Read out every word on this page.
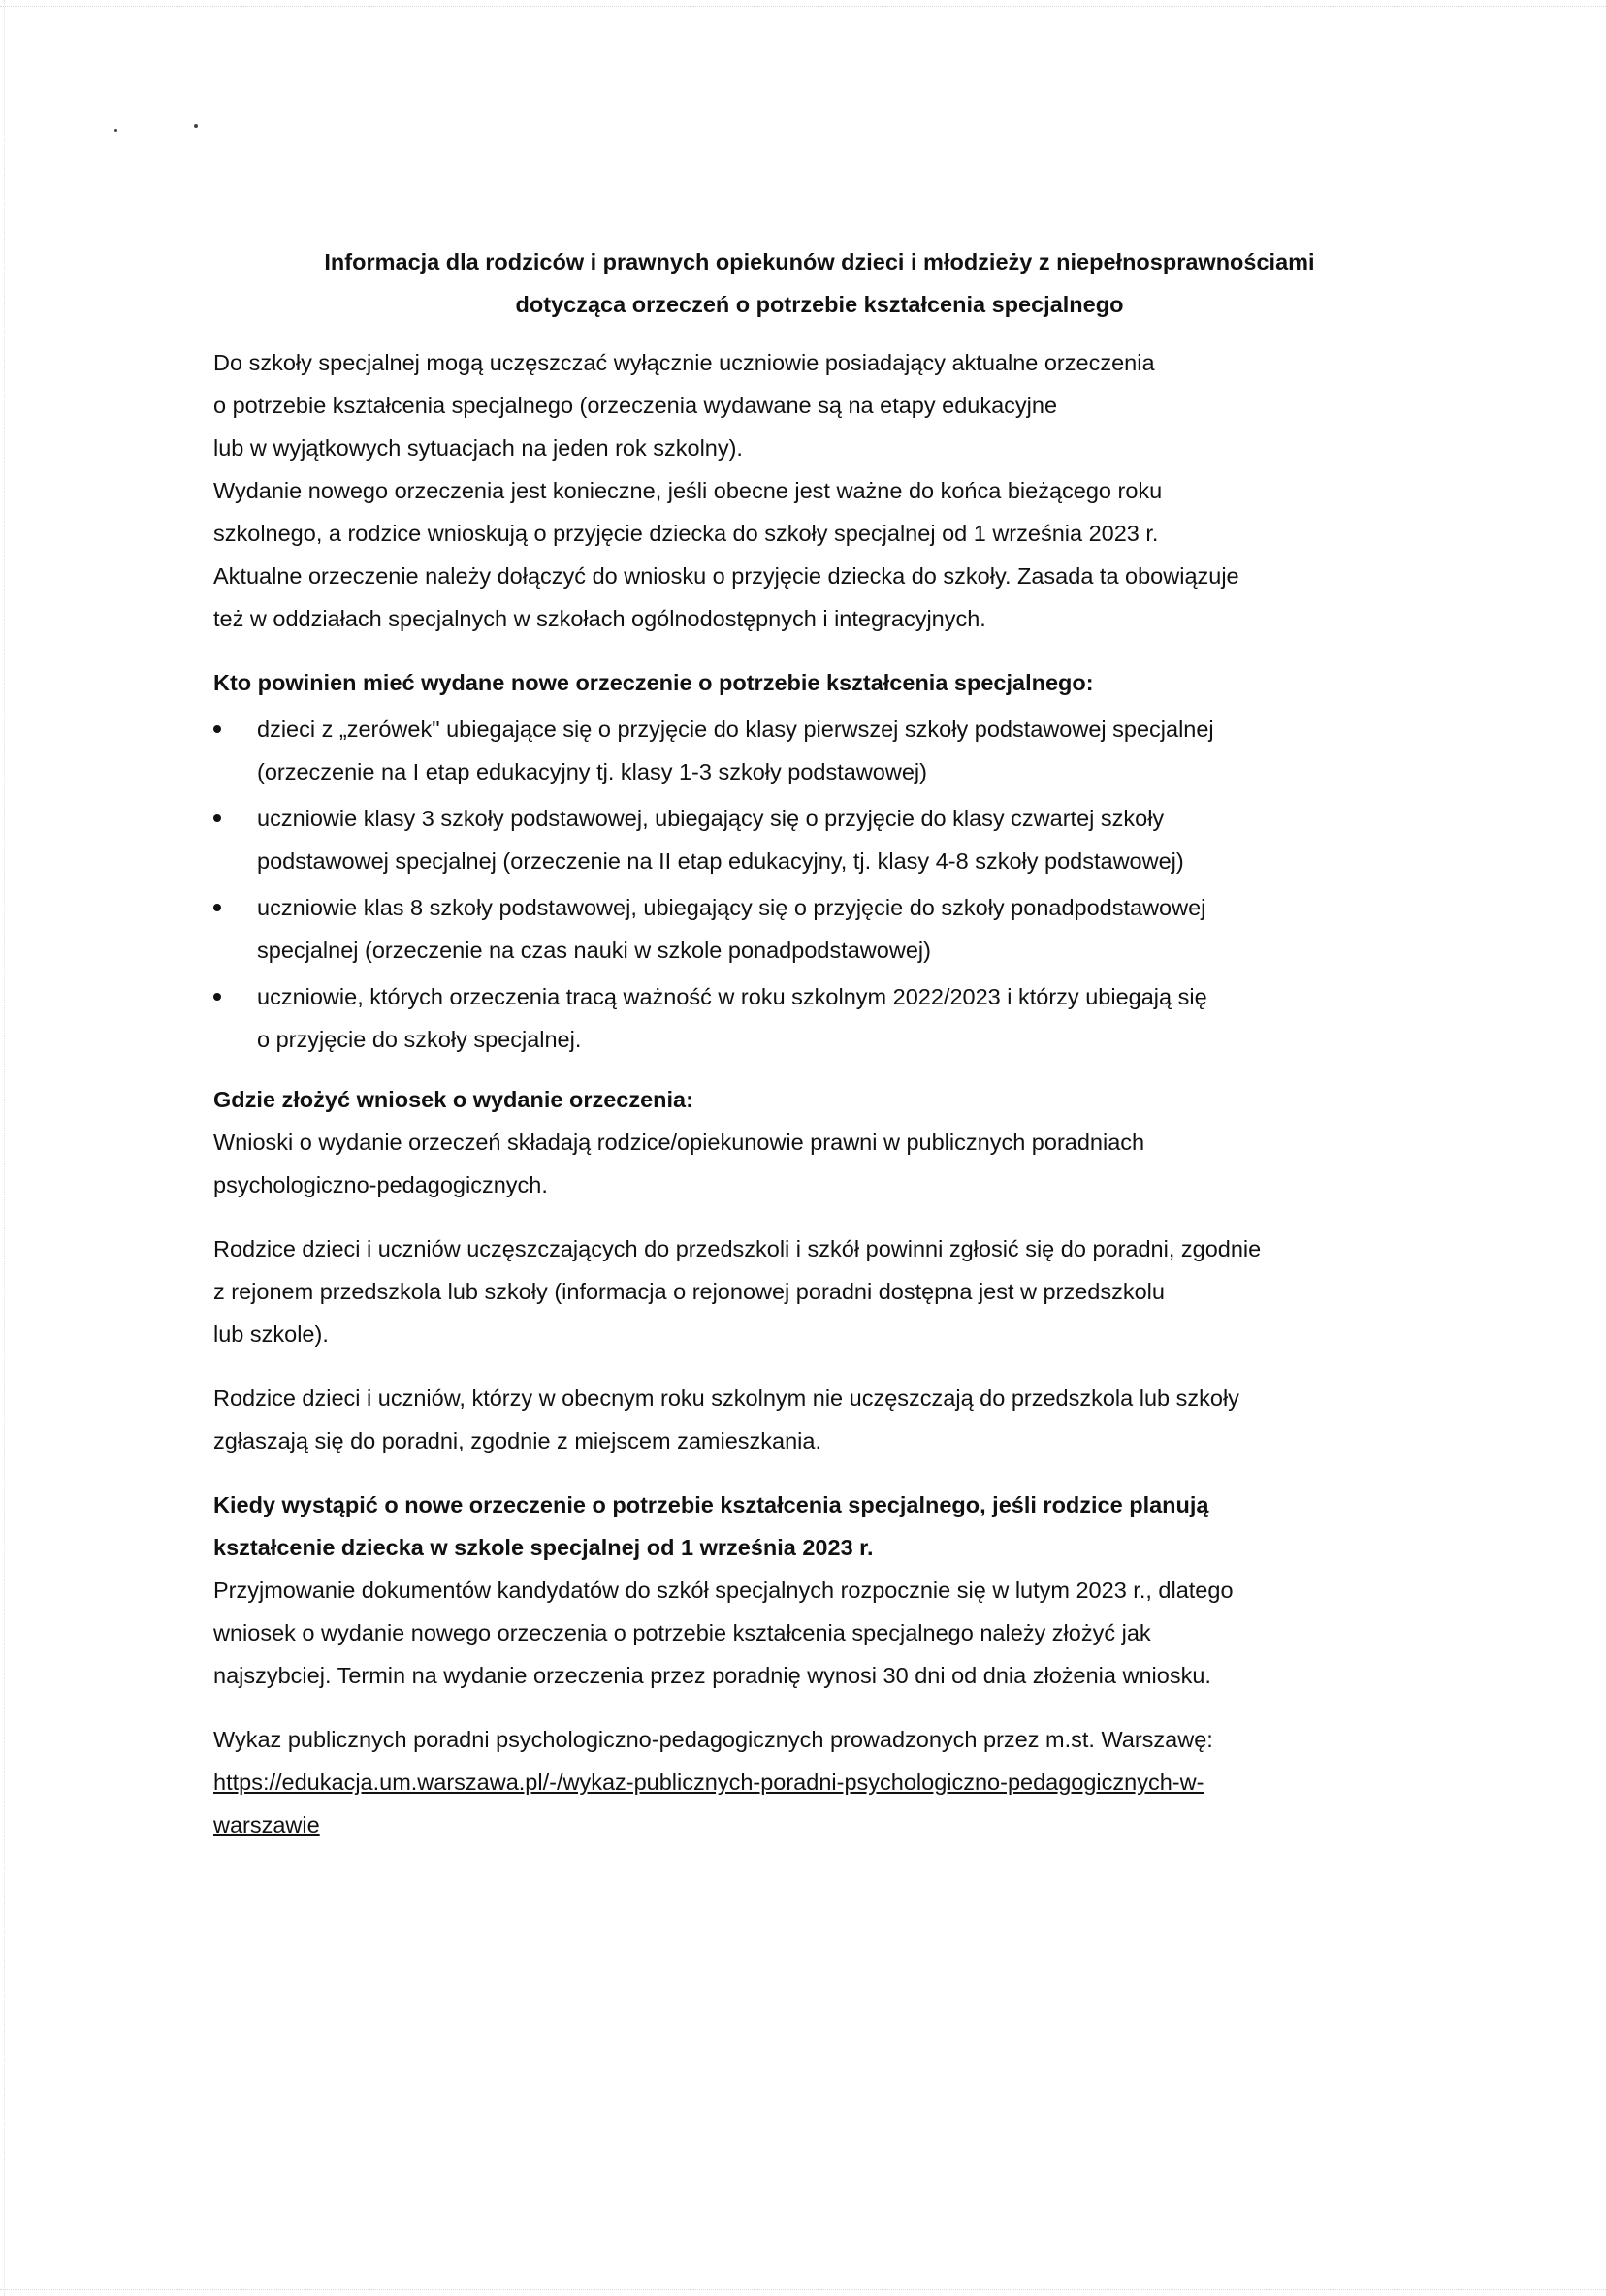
Informacja dla rodziców i prawnych opiekunów dzieci i młodzieży z niepełnosprawnościami
dotycząca orzeczeń o potrzebie kształcenia specjalnego

Do szkoły specjalnej mogą uczęszczać wyłącznie uczniowie posiadający aktualne orzeczenia
o potrzebie kształcenia specjalnego (orzeczenia wydawane są na etapy edukacyjne
lub w wyjątkowych sytuacjach na jeden rok szkolny).
Wydanie nowego orzeczenia jest konieczne, jeśli obecne jest ważne do końca bieżącego roku
szkolnego, a rodzice wnioskują o przyjęcie dziecka do szkoły specjalnej od 1 września 2023 r.
Aktualne orzeczenie należy dołączyć do wniosku o przyjęcie dziecka do szkoły. Zasada ta obowiązuje
też w oddziałach specjalnych w szkołach ogólnodostępnych i integracyjnych.

Kto powinien mieć wydane nowe orzeczenie o potrzebie kształcenia specjalnego:
dzieci z „zerówek" ubiegające się o przyjęcie do klasy pierwszej szkoły podstawowej specjalnej
(orzeczenie na I etap edukacyjny tj. klasy 1-3 szkoły podstawowej)
uczniowie klasy 3 szkoły podstawowej, ubiegający się o przyjęcie do klasy czwartej szkoły
podstawowej specjalnej (orzeczenie na II etap edukacyjny, tj. klasy 4-8 szkoły podstawowej)
uczniowie klas 8 szkoły podstawowej, ubiegający się o przyjęcie do szkoły ponadpodstawowej
specjalnej (orzeczenie na czas nauki w szkole ponadpodstawowej)
uczniowie, których orzeczenia tracą ważność w roku szkolnym 2022/2023 i którzy ubiegają się
o przyjęcie do szkoły specjalnej.
Gdzie złożyć wniosek o wydanie orzeczenia:

Wnioski o wydanie orzeczeń składają rodzice/opiekunowie prawni w publicznych poradniach
psychologiczno-pedagogicznych.

Rodzice dzieci i uczniów uczęszczających do przedszkoli i szkół powinni zgłosić się do poradni, zgodnie
z rejonem przedszkola lub szkoły (informacja o rejonowej poradni dostępna jest w przedszkolu
lub szkole).

Rodzice dzieci i uczniów, którzy w obecnym roku szkolnym nie uczęszczają do przedszkola lub szkoły
zgłaszają się do poradni, zgodnie z miejscem zamieszkania.

Kiedy wystąpić o nowe orzeczenie o potrzebie kształcenia specjalnego, jeśli rodzice planują
kształcenie dziecka w szkole specjalnej od 1 września 2023 r.

Przyjmowanie dokumentów kandydatów do szkół specjalnych rozpocznie się w lutym 2023 r., dlatego
wniosek o wydanie nowego orzeczenia o potrzebie kształcenia specjalnego należy złożyć jak
najszybciej. Termin na wydanie orzeczenia przez poradnię wynosi 30 dni od dnia złożenia wniosku.

Wykaz publicznych poradni psychologiczno-pedagogicznych prowadzonych przez m.st. Warszawę:
https://edukacja.um.warszawa.pl/-/wykaz-publicznych-poradni-psychologiczno-pedagogicznych-w-
warszawie
